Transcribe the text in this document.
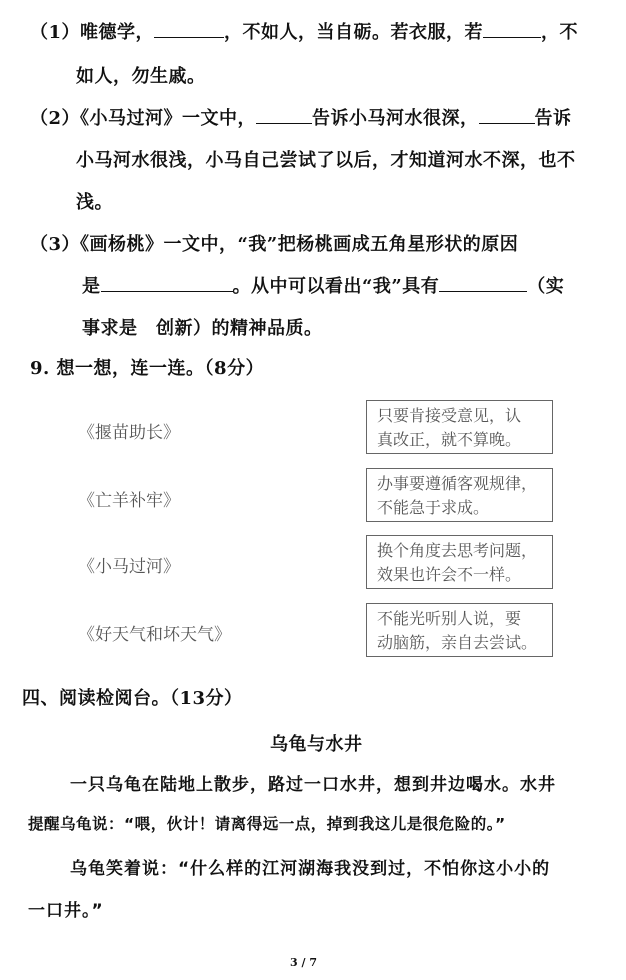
（1）唯德学，	，不如人，当自砺。若衣服，若	，不
如人，勿生戚。
（2）《小马过河》一文中，	告诉小马河水很深，	告诉
小马河水很浅，小马自己尝试了以后，才知道河水不深，也不
浅。
（3）《画杨桃》一文中，“我”把杨桃画成五角星形状的原因
是	。从中可以看出“我”具有	（实
事求是　创新）的精神品质。
9. 想一想，连一连。（8分）
《揠苗助长》
《亡羊补牢》
《小马过河》
《好天气和坏天气》
只要肯接受意见，认
真改正，就不算晚。
办事要遵循客观规律，
不能急于求成。
换个角度去思考问题，
效果也许会不一样。
不能光听别人说，要
动脑筋，亲自去尝试。
四、阅读检阅台。（13分）
乌龟与水井
一只乌龟在陆地上散步，路过一口水井，想到井边喝水。水井
提醒乌龟说：“喂，伙计！请离得远一点，掉到我这儿是很危险的。”
乌龟笑着说：“什么样的江河湖海我没到过，不怕你这小小的
一口井。”
3 / 7
